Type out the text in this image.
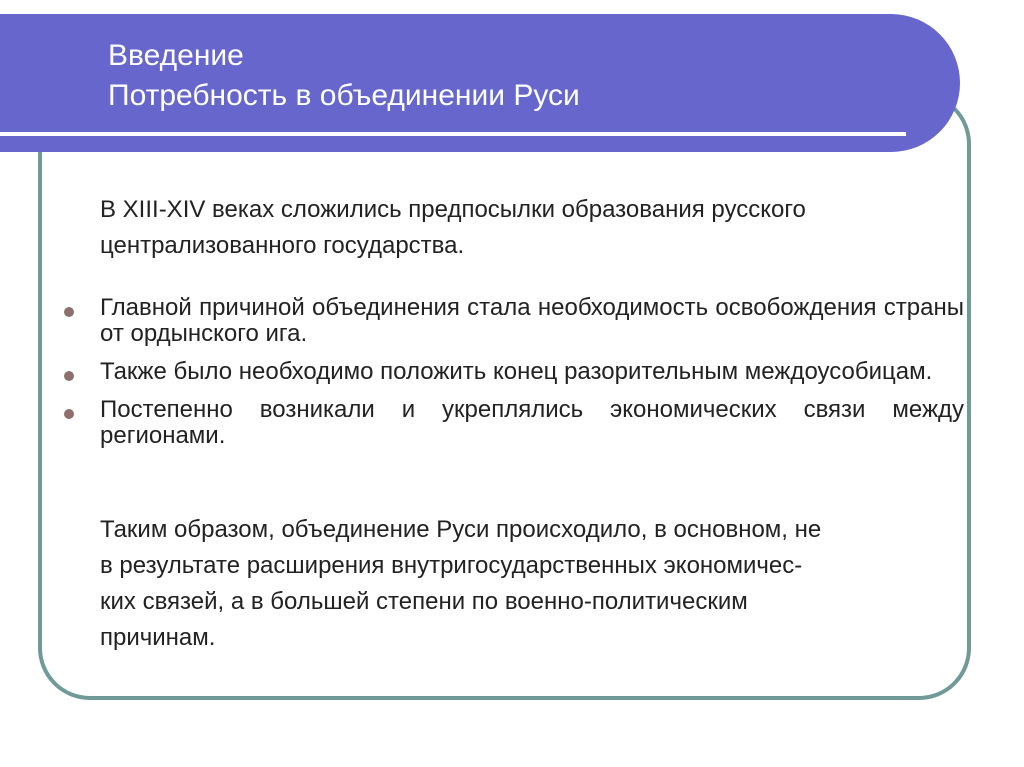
Введение
Потребность в объединении Руси

В XIII-XIV веках сложились предпосылки образования русского централизованного государства.

Главной причиной объединения стала необходимость освобождения страны от ордынского ига.
Также было необходимо положить конец разорительным междоусобицам.
Постепенно возникали и укреплялись экономических связи между регионами.

Таким образом, объединение Руси происходило, в основном, не
в результате расширения внутригосударственных экономичес-
ких связей, а в большей степени по военно-политическим
причинам.
